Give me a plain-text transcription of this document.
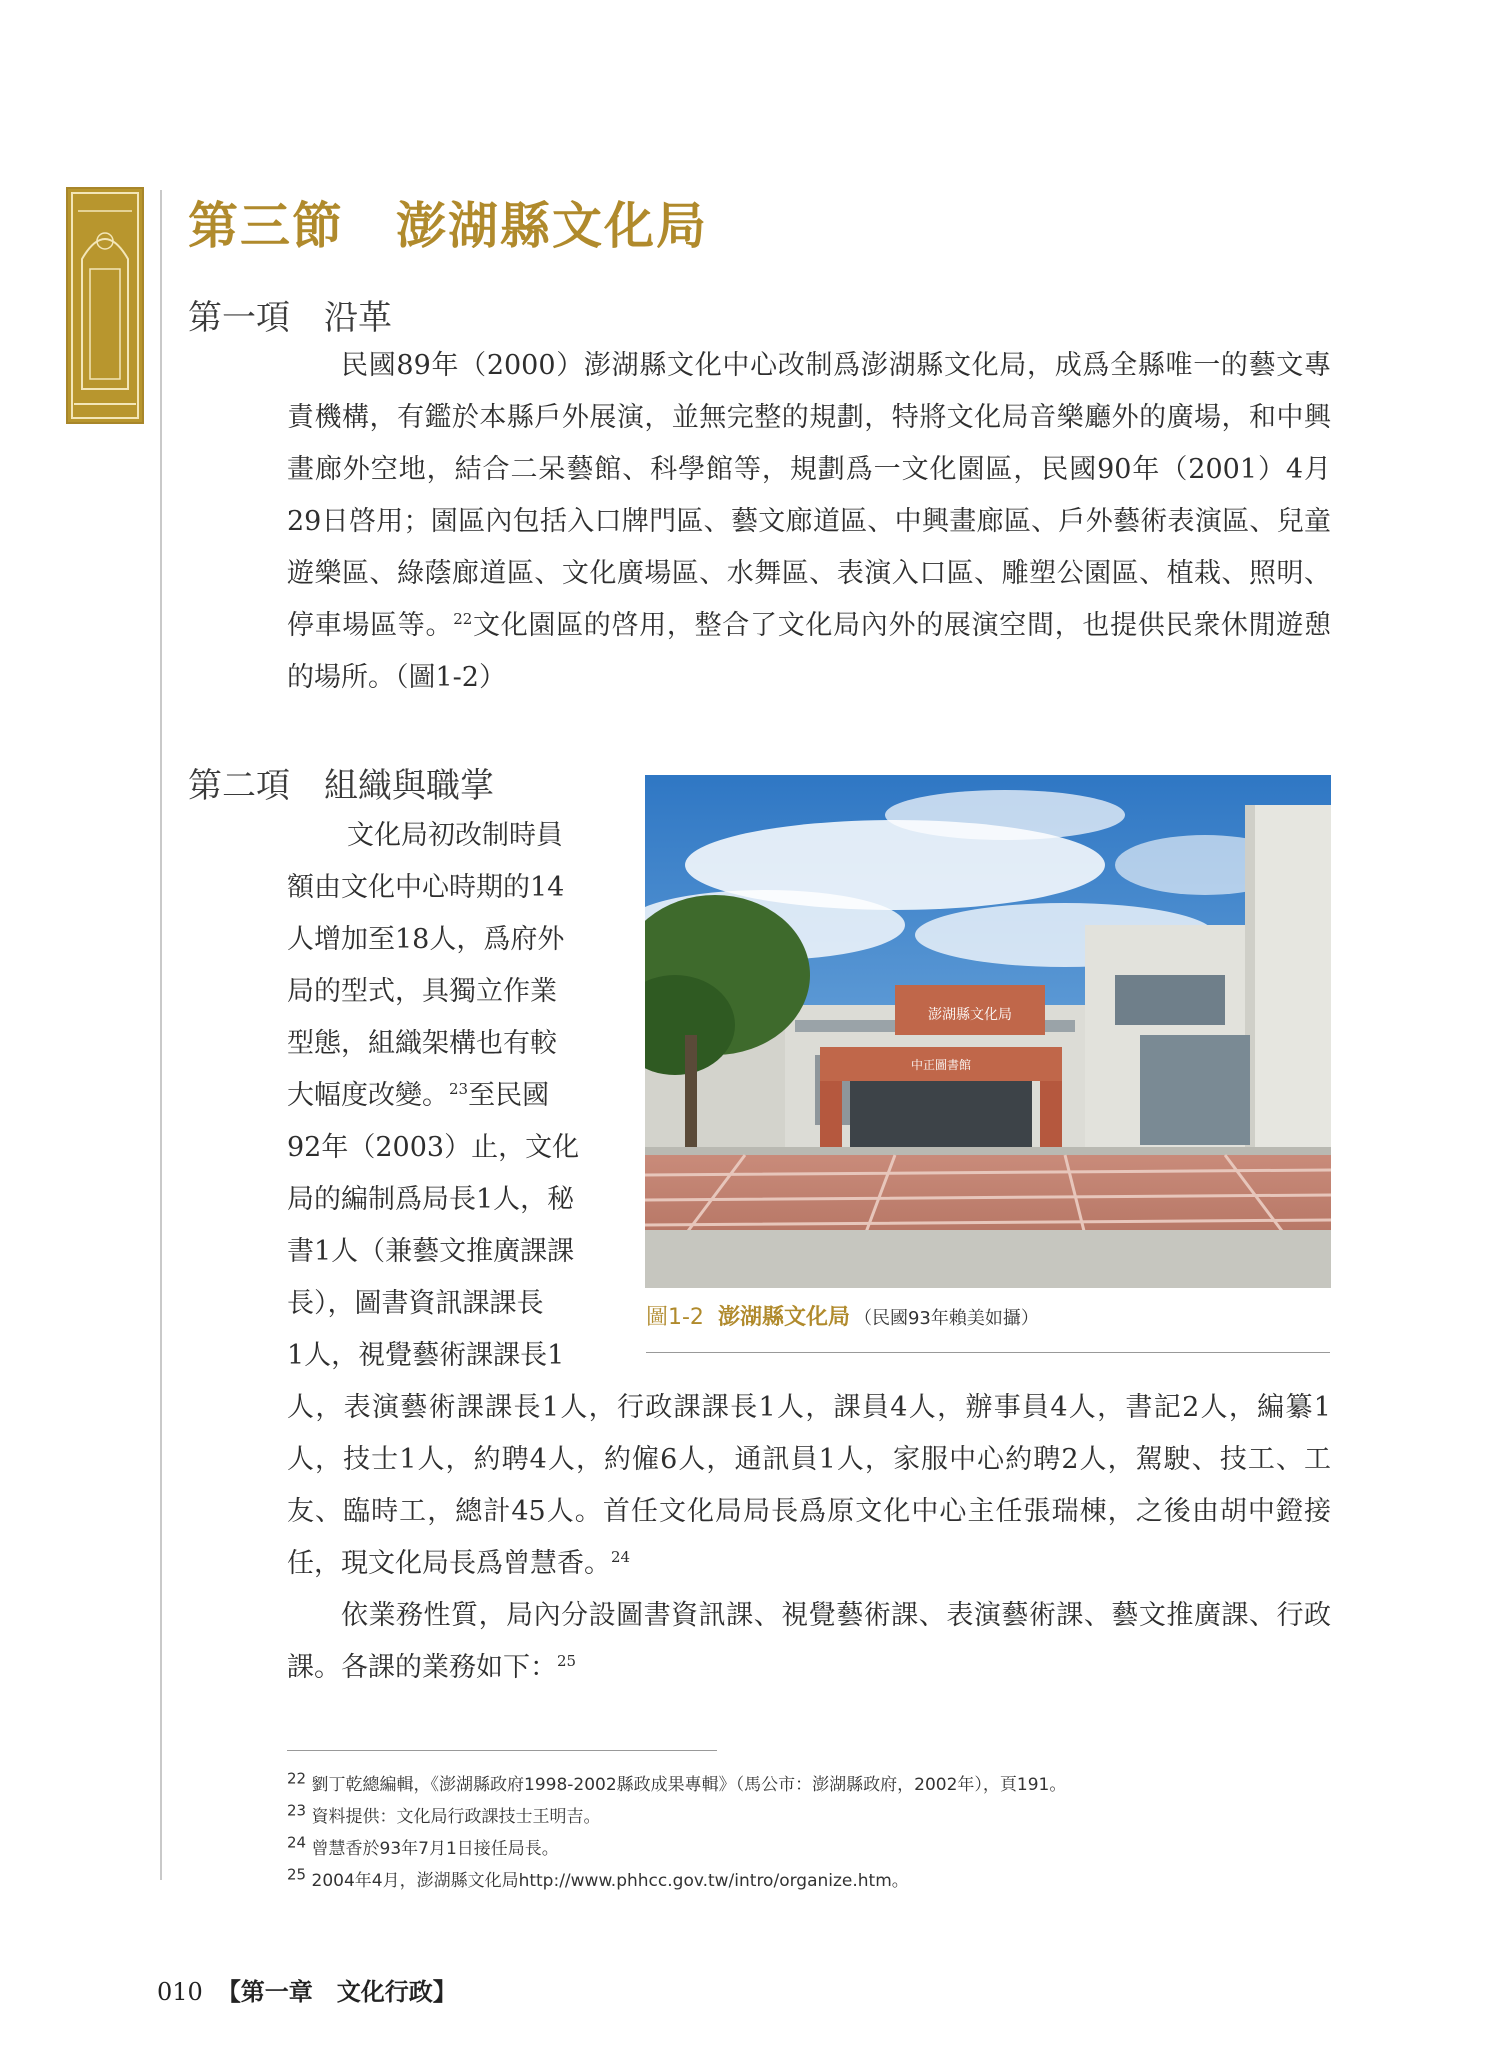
第三節 澎湖縣文化局
第一項 沿革
民國89年（2000）澎湖縣文化中心改制爲澎湖縣文化局，成爲全縣唯一的藝文專責機構，有鑑於本縣戶外展演，並無完整的規劃，特將文化局音樂廳外的廣場，和中興畫廊外空地，結合二呆藝館、科學館等，規劃爲一文化園區，民國90年（2001）4月29日啓用；園區內包括入口牌門區、藝文廊道區、中興畫廊區、戶外藝術表演區、兒童遊樂區、綠蔭廊道區、文化廣場區、水舞區、表演入口區、雕塑公園區、植栽、照明、停車場區等。$^{22}$文化園區的啓用，整合了文化局內外的展演空間，也提供民衆休閒遊憩的場所。（圖1-2）
第二項 組織與職掌
文化局初改制時員
額由文化中心時期的14
人增加至18人，爲府外
局的型式，具獨立作業
型態，組織架構也有較
大幅度改變。$^{23}$至民國
92年（2003）止，文化
局的編制爲局長1人，秘
書1人（兼藝文推廣課課
長），圖書資訊課課長
1人，視覺藝術課課長1
澎湖縣文化局
中正圖書館
圖1-2 澎湖縣文化局 （民國93年賴美如攝）
人，表演藝術課課長1人，行政課課長1人，課員4人，辦事員4人，書記2人，編纂1人，技士1人，約聘4人，約僱6人，通訊員1人，家服中心約聘2人，駕駛、技工、工友、臨時工，總計45人。首任文化局局長爲原文化中心主任張瑞棟，之後由胡中鐙接任，現文化局長爲曾慧香。$^{24}$
依業務性質，局內分設圖書資訊課、視覺藝術課、表演藝術課、藝文推廣課、行政課。各課的業務如下：$^{25}$
$^{22}$ 劉丁乾總編輯，《澎湖縣政府1998-2002縣政成果專輯》（馬公市：澎湖縣政府，2002年），頁191。
$^{23}$ 資料提供：文化局行政課技士王明吉。
$^{24}$ 曾慧香於93年7月1日接任局長。
$^{25}$ 2004年4月，澎湖縣文化局http://www.phhcc.gov.tw/intro/organize.htm。
010 【第一章　文化行政】
